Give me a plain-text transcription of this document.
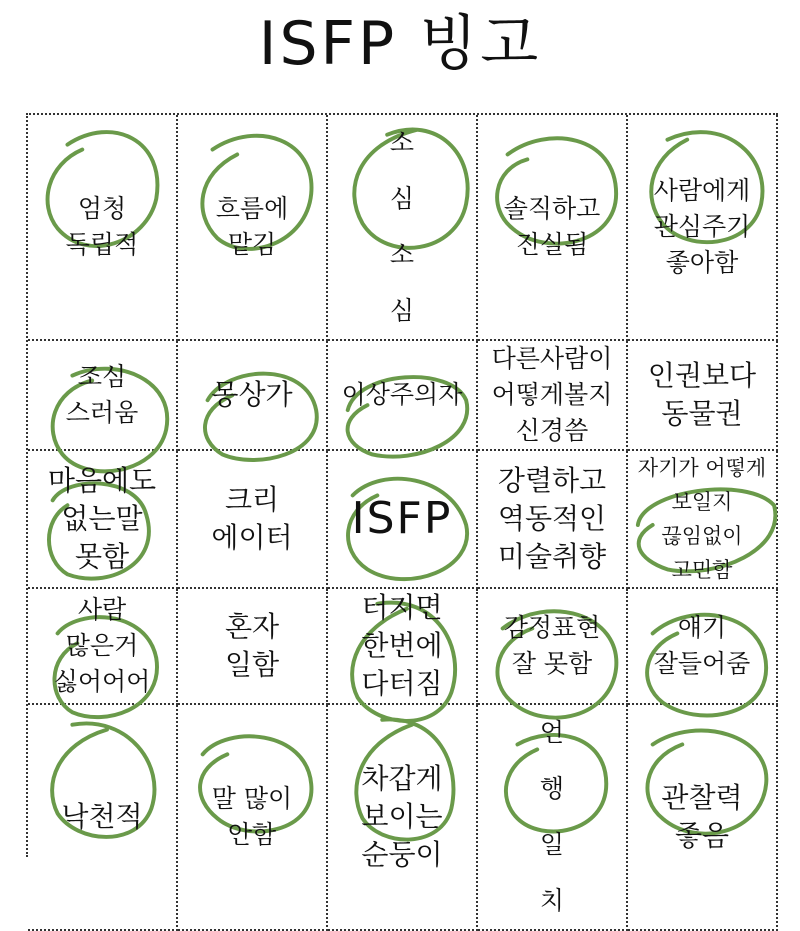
ISFP 빙고
엄청
독립적
흐름에
맡김
소심
소심
솔직하고
진실됨
사람에게
관심주기
좋아함
조심
스러움
몽상가 이상주의자
다른사람이
어떻게볼지
신경씀
인권보다
동물권
마음에도
없는말
못함
크리
에이터 ISFP
강렬하고
역동적인
미술취향
자기가 어떻게
보일지
끊임없이
고민함
사람
많은거
싫어어어
혼자
일함
터지면
한번에
다터짐
감정표현
잘 못함
얘기
잘들어줌
낙천적
말 많이
안함
차갑게
보이는
순둥이
언행
일치
관찰력
좋음
